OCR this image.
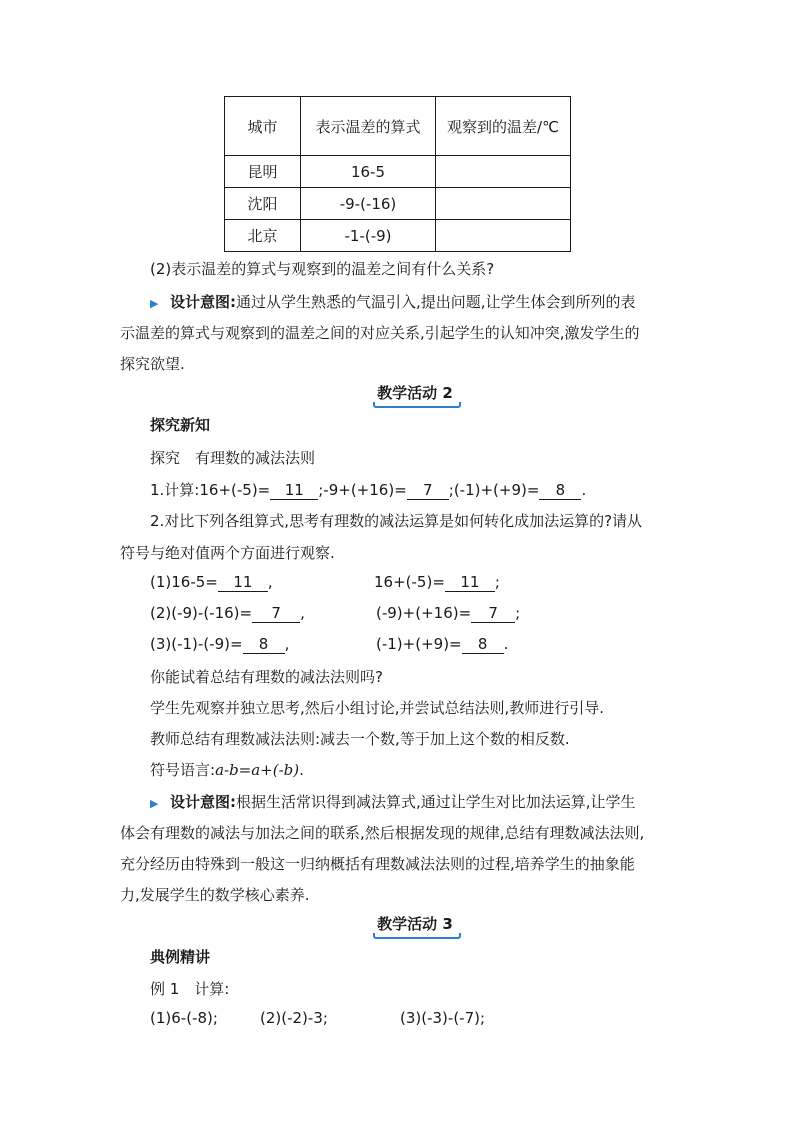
城市	表示温差的算式	观察到的温差/℃
昆明	16-5	
沈阳	-9-(-16)	
北京	-1-(-9)	
(2)表示温差的算式与观察到的温差之间有什么关系?
▶ 设计意图:通过从学生熟悉的气温引入,提出问题,让学生体会到所列的表
示温差的算式与观察到的温差之间的对应关系,引起学生的认知冲突,激发学生的
探究欲望.
教学活动 2
探究新知
探究　有理数的减法法则
1.计算:16+(-5)= 11 ;-9+(+16)= 7 ;(-1)+(+9)= 8 .
2.对比下列各组算式,思考有理数的减法运算是如何转化成加法运算的?请从
符号与绝对值两个方面进行观察.
(1)16-5= 11 ,	16+(-5)= 11 ;
(2)(-9)-(-16)= 7 ,	(-9)+(+16)= 7 ;
(3)(-1)-(-9)= 8 ,	(-1)+(+9)= 8 .
你能试着总结有理数的减法法则吗?
学生先观察并独立思考,然后小组讨论,并尝试总结法则,教师进行引导.
教师总结有理数减法法则:减去一个数,等于加上这个数的相反数.
符号语言:a-b=a+(-b).
▶ 设计意图:根据生活常识得到减法算式,通过让学生对比加法运算,让学生
体会有理数的减法与加法之间的联系,然后根据发现的规律,总结有理数减法法则,
充分经历由特殊到一般这一归纳概括有理数减法法则的过程,培养学生的抽象能
力,发展学生的数学核心素养.
教学活动 3
典例精讲
例 1　计算:
(1)6-(-8);	(2)(-2)-3;	(3)(-3)-(-7);
